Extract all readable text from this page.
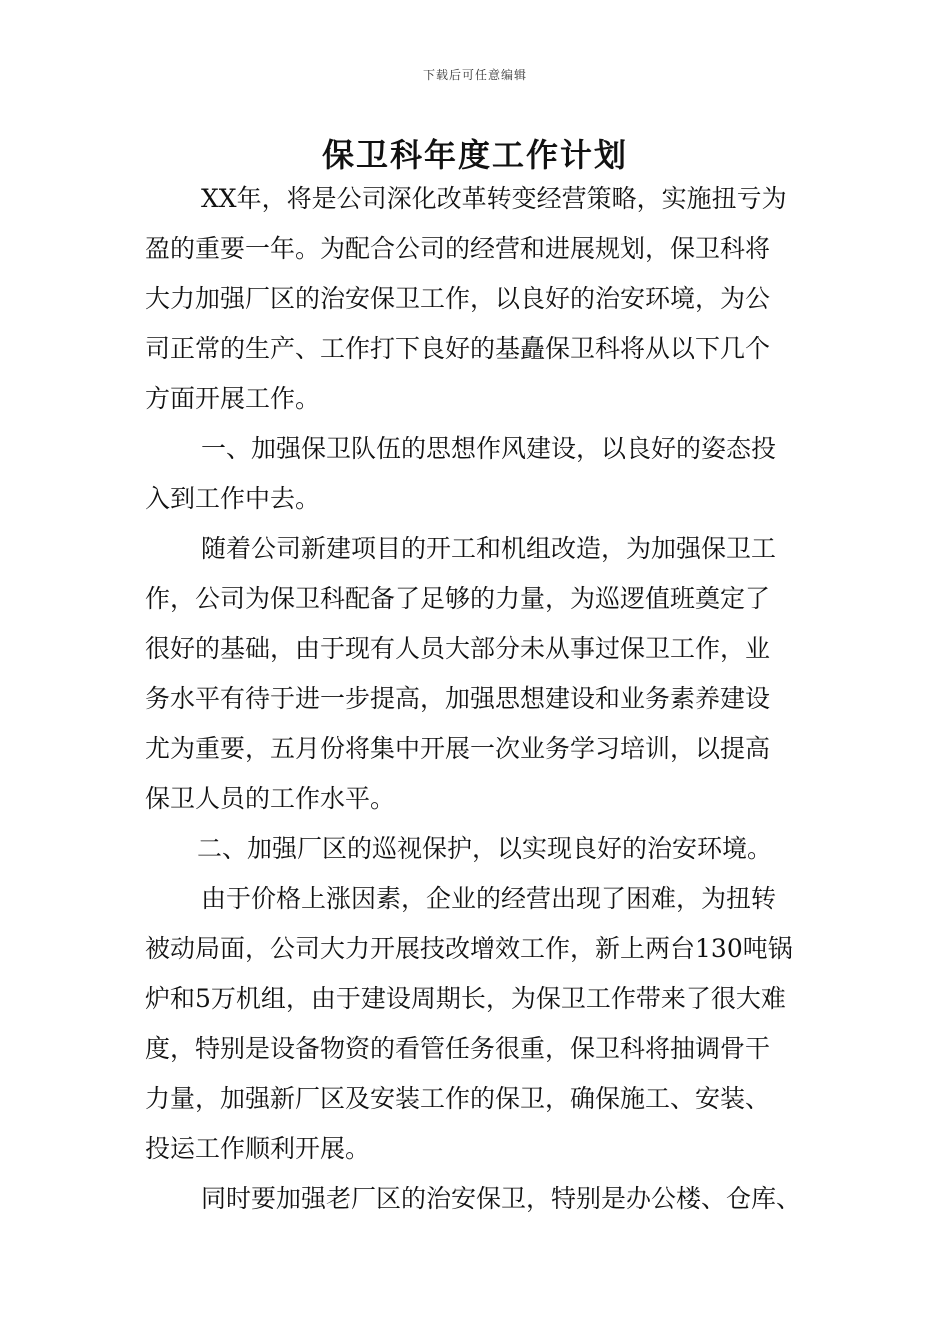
下载后可任意编辑
保卫科年度工作计划
XX年，将是公司深化改革转变经营策略，实施扭亏为
盈的重要一年。为配合公司的经营和进展规划，保卫科将
大力加强厂区的治安保卫工作，以良好的治安环境，为公
司正常的生产、工作打下良好的基矗保卫科将从以下几个
方面开展工作。
一、加强保卫队伍的思想作风建设，以良好的姿态投
入到工作中去。
随着公司新建项目的开工和机组改造，为加强保卫工
作，公司为保卫科配备了足够的力量，为巡逻值班奠定了
很好的基础，由于现有人员大部分未从事过保卫工作，业
务水平有待于进一步提高，加强思想建设和业务素养建设
尤为重要，五月份将集中开展一次业务学习培训，以提高
保卫人员的工作水平。
二、加强厂区的巡视保护，以实现良好的治安环境。
由于价格上涨因素，企业的经营出现了困难，为扭转
被动局面，公司大力开展技改增效工作，新上两台130吨锅
炉和5万机组，由于建设周期长，为保卫工作带来了很大难
度，特别是设备物资的看管任务很重，保卫科将抽调骨干
力量，加强新厂区及安装工作的保卫，确保施工、安装、
投运工作顺利开展。
同时要加强老厂区的治安保卫，特别是办公楼、仓库、
